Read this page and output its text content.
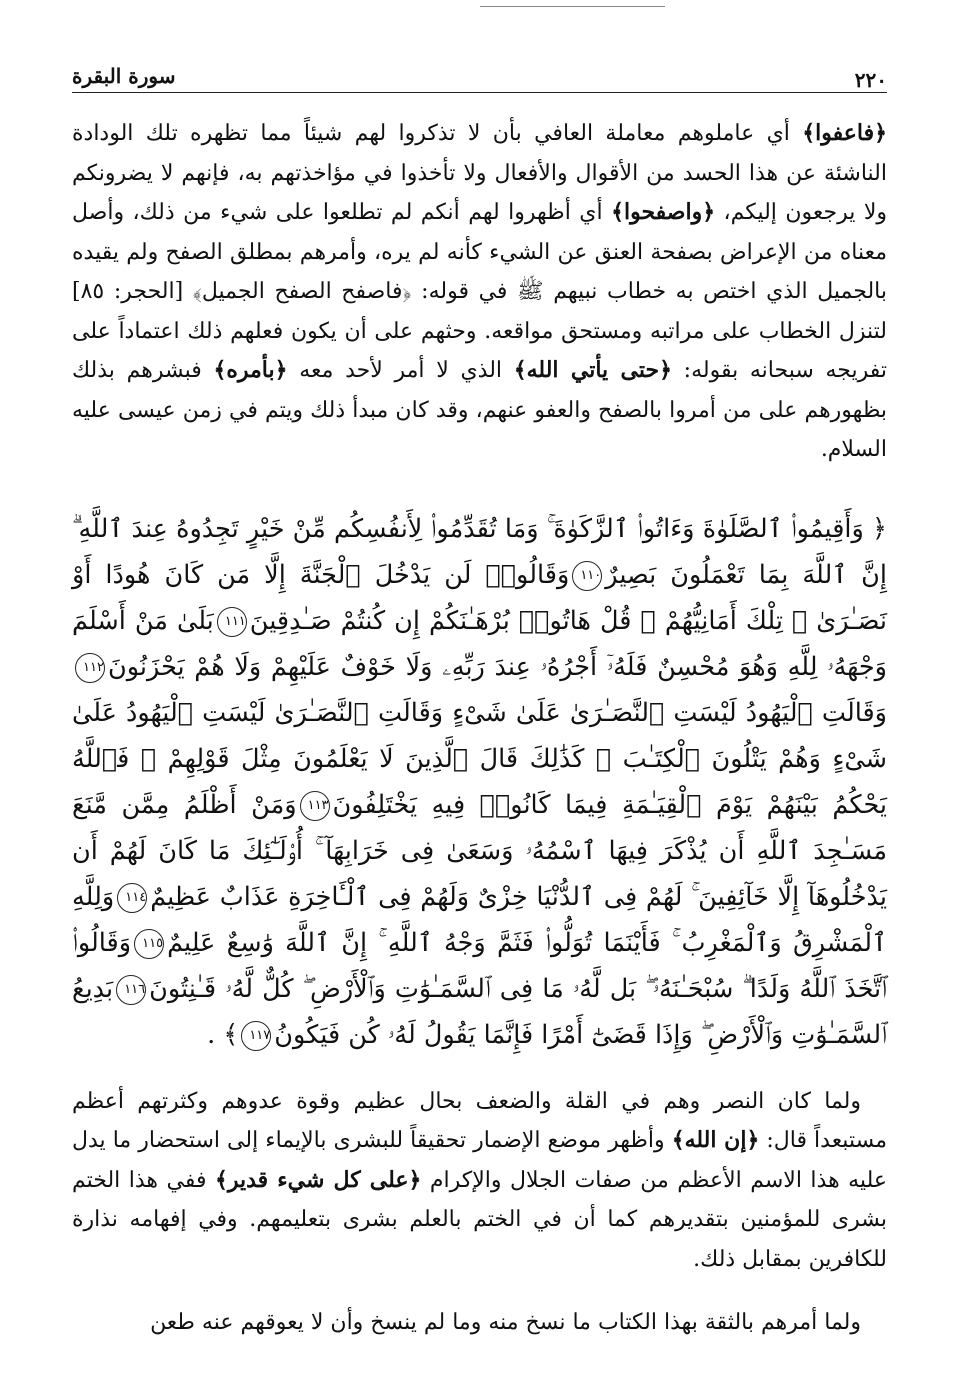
٢٢٠
سورة البقرة

﴿فاعفوا﴾ أي عاملوهم معاملة العافي بأن لا تذكروا لهم شيئاً مما تظهره تلك الودادة الناشئة عن هذا الحسد من الأقوال والأفعال ولا تأخذوا في مؤاخذتهم به، فإنهم لا يضرونكم ولا يرجعون إليكم، ﴿واصفحوا﴾ أي أظهروا لهم أنكم لم تطلعوا على شيء من ذلك، وأصل معناه من الإعراض بصفحة العنق عن الشيء كأنه لم يره، وأمرهم بمطلق الصفح ولم يقيده بالجميل الذي اختص به خطاب نبيهم ﷺ في قوله: ﴿فاصفح الصفح الجميل﴾ [الحجر: ٨٥] لتنزل الخطاب على مراتبه ومستحق مواقعه. وحثهم على أن يكون فعلهم ذلك اعتماداً على تفريجه سبحانه بقوله: ﴿حتى يأتي الله﴾ الذي لا أمر لأحد معه ﴿بأمره﴾ فبشرهم بذلك بظهورهم على من أمروا بالصفح والعفو عنهم، وقد كان مبدأ ذلك ويتم في زمن عيسى عليه السلام.

﴿ وَأَقِيمُوا۟ ٱلصَّلَوٰةَ وَءَاتُوا۟ ٱلزَّكَوٰةَ ۚ وَمَا تُقَدِّمُوا۟ لِأَنفُسِكُم مِّنْ خَيْرٍ تَجِدُوهُ عِندَ ٱللَّهِ ۗ إِنَّ ٱللَّهَ بِمَا تَعْمَلُونَ بَصِيرٌ١١٠وَقَالُوا۟ لَن يَدْخُلَ ٱلْجَنَّةَ إِلَّا مَن كَانَ هُودًا أَوْ نَصَـٰرَىٰ ۗ تِلْكَ أَمَانِيُّهُمْ ۗ قُلْ هَاتُوا۟ بُرْهَـٰنَكُمْ إِن كُنتُمْ صَـٰدِقِينَ١١١بَلَىٰ مَنْ أَسْلَمَ وَجْهَهُۥ لِلَّهِ وَهُوَ مُحْسِنٌ فَلَهُۥٓ أَجْرُهُۥ عِندَ رَبِّهِۦ وَلَا خَوْفٌ عَلَيْهِمْ وَلَا هُمْ يَحْزَنُونَ١١٢وَقَالَتِ ٱلْيَهُودُ لَيْسَتِ ٱلنَّصَـٰرَىٰ عَلَىٰ شَىْءٍ وَقَالَتِ ٱلنَّصَـٰرَىٰ لَيْسَتِ ٱلْيَهُودُ عَلَىٰ شَىْءٍ وَهُمْ يَتْلُونَ ٱلْكِتَـٰبَ ۗ كَذَٰلِكَ قَالَ ٱلَّذِينَ لَا يَعْلَمُونَ مِثْلَ قَوْلِهِمْ ۚ فَٱللَّهُ يَحْكُمُ بَيْنَهُمْ يَوْمَ ٱلْقِيَـٰمَةِ فِيمَا كَانُوا۟ فِيهِ يَخْتَلِفُونَ١١٣وَمَنْ أَظْلَمُ مِمَّن مَّنَعَ مَسَـٰجِدَ ٱللَّهِ أَن يُذْكَرَ فِيهَا ٱسْمُهُۥ وَسَعَىٰ فِى خَرَابِهَآ ۚ أُو۟لَـٰٓئِكَ مَا كَانَ لَهُمْ أَن يَدْخُلُوهَآ إِلَّا خَآئِفِينَ ۚ لَهُمْ فِى ٱلدُّنْيَا خِزْىٌ وَلَهُمْ فِى ٱلْـَٔاخِرَةِ عَذَابٌ عَظِيمٌ١١٤وَلِلَّهِ ٱلْمَشْرِقُ وَٱلْمَغْرِبُ ۚ فَأَيْنَمَا تُوَلُّوا۟ فَثَمَّ وَجْهُ ٱللَّهِ ۚ إِنَّ ٱللَّهَ وَٰسِعٌ عَلِيمٌ١١٥وَقَالُوا۟ ٱتَّخَذَ ٱللَّهُ وَلَدًا ۗ سُبْحَـٰنَهُۥ ۖ بَل لَّهُۥ مَا فِى ٱلسَّمَـٰوَٰتِ وَٱلْأَرْضِ ۖ كُلٌّ لَّهُۥ قَـٰنِتُونَ١١٦بَدِيعُ ٱلسَّمَـٰوَٰتِ وَٱلْأَرْضِ ۖ وَإِذَا قَضَىٰٓ أَمْرًا فَإِنَّمَا يَقُولُ لَهُۥ كُن فَيَكُونُ١١٧﴾ .

ولما كان النصر وهم في القلة والضعف بحال عظيم وقوة عدوهم وكثرتهم أعظم مستبعداً قال: ﴿إن الله﴾ وأظهر موضع الإضمار تحقيقاً للبشرى بالإيماء إلى استحضار ما يدل عليه هذا الاسم الأعظم من صفات الجلال والإكرام ﴿على كل شيء قدير﴾ ففي هذا الختم بشرى للمؤمنين بتقديرهم كما أن في الختم بالعلم بشرى بتعليمهم. وفي إفهامه نذارة للكافرين بمقابل ذلك.

ولما أمرهم بالثقة بهذا الكتاب ما نسخ منه وما لم ينسخ وأن لا يعوقهم عنه طعن
